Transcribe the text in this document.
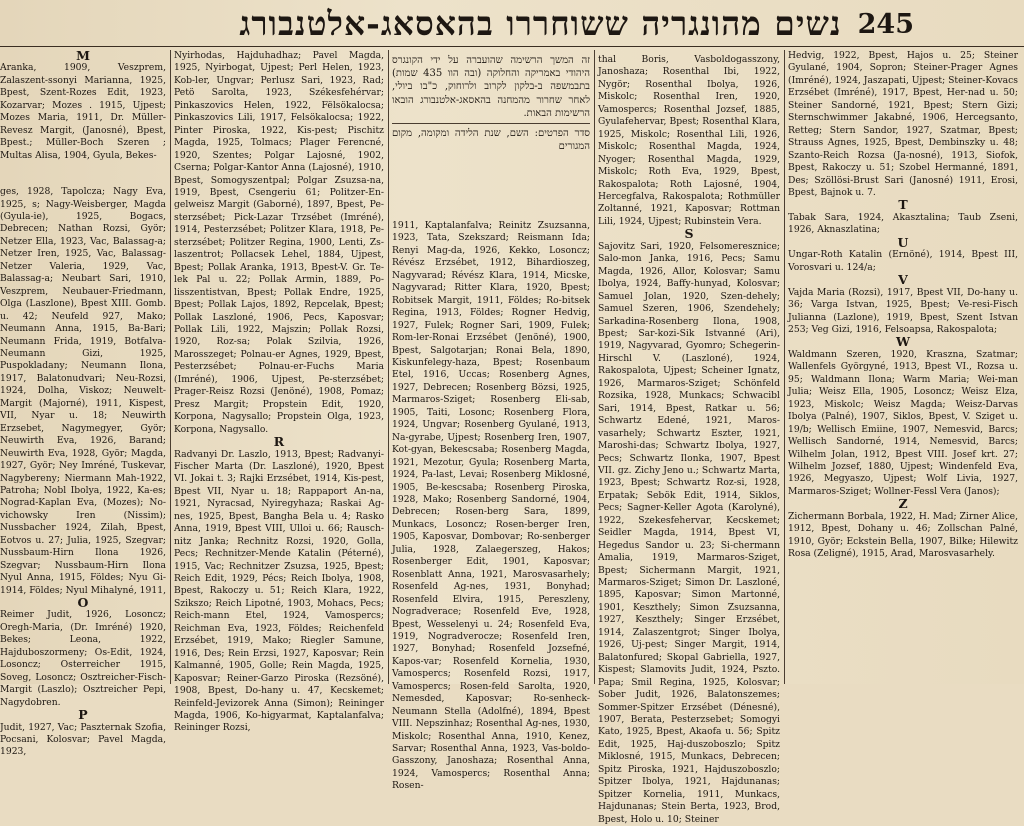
245
נשים מהונגריה ששוחררו בהאסאג-אלטנבורג

M

Aranka, 1909, Veszprem, Zalaszent-ssonyi Marianna, 1925, Bpest, Szent-Rozes Edit, 1923, Kozarvar; Mozes . 1915, Ujpest; Mozes Maria, 1911, Dr. Müller-Revesz Margit, (Janosné), Bpest, Bpest.; Müller-Boch Szeren ; Multas Alisa, 1904, Gyula, Bekes-

ges, 1928, Tapolcza; Nagy Eva, 1925, s; Nagy-Weisberger, Magda (Gyula-ie), 1925, Bogacs, Debrecen; Nathan Rozsi, Györ; Netzer Ella, 1923, Vac, Balassag-a; Netzer Iren, 1925, Vac, Balassag-Netzer Valeria, 1929, Vac, Balassag-a; Neubart Sari, 1910, Veszprem, Neubauer-Friedmann, Olga (Laszlone), Bpest XIII. Gomb. u. 42; Neufeld 927, Mako; Neumann Anna, 1915, Ba-Bari; Neumann Frida, 1919, Botfalva-Neumann Gizi, 1925, Puspokladany; Neumann Ilona, 1917, Balatonudvari; Neu-Rozsi, 1924, Dolha, Viskoz; Neuwelt-Margit (Majorné), 1911, Kispest, VII, Nyar u. 18; Neuwirth Erzsebet, Nagymegyer, Györ; Neuwirth Eva, 1926, Barand; Neuwirth Eva, 1928, Györ; Magda, 1927, Györ; Ney Imréné, Tuskevar, Nagybereny; Niermann Mah-1922, Patroha; Nobl Ibolya, 1922, Ka-es; Nograd-Kaplan Eva, (Mozes); No-vichowsky Iren (Nissim); Nussbacher 1924, Zilah, Bpest, Eotvos u. 27; Julia, 1925, Szegvar; Nussbaum-Hirn Ilona 1926, Szegvar; Nussbaum-Hirn Ilona Nyul Anna, 1915, Földes; Nyu Gi-1914, Földes; Nyul Mihalyné, 1911,

O

Reimer Judit, 1926, Losoncz; Oregh-Maria, (Dr. Imréné) 1920, Bekes; Leona, 1922, Hajduboszormeny; Os-Edit, 1924, Losoncz; Osterreicher 1915, Soveg, Losoncz; Osztreicher-Fisch-Margit (Laszlo); Osztreicher Pepi, Nagydobren.

P

Judit, 1927, Vac; Paszternak Szofia, Pocsani, Kolosvar; Pavel Magda, 1923,

Nyirhodas, Hajduhadhaz; Pavel Magda, 1925, Nyirbogat, Ujpest; Perl Helen, 1923, Kob-ler, Ungvar; Perlusz Sari, 1923, Rad; Petö Sarolta, 1923, Székesfehérvar; Pinkaszovics Helen, 1922, Fëlsökalocsa; Pinkaszovics Lili, 1917, Felsökalocsa; 1922, Pinter Piroska, 1922, Kis-pest; Pischitz Magda, 1925, Tolmacs; Plager Ferencné, 1920, Szentes; Polgar Lajosné, 1902, Cserna; Polgar-Kantor Anna (Lajosné), 1910, Bpest, Somogyszentpal; Polgar Zsuzsa-na, 1919, Bpest, Csengeriu 61; Politzer-En-gelweisz Margit (Gaborné), 1897, Bpest, Pe-sterzsébet; Pick-Lazar Trzsébet (Imréné), 1914, Pesterzsébet; Politzer Klara, 1918, Pe-sterzsébet; Politzer Regina, 1900, Lenti, Zs-laszentrot; Pollacsek Lehel, 1884, Ujpest, Bpest; Pollak Aranka, 1913, Bpest-V. Gr. Te-lek Pal u. 22; Pollak Armin, 1889, Po-lisszentistvan, Bpest; Pollak Endre, 1925, Bpest; Pollak Lajos, 1892, Repcelak, Bpest; Pollak Laszloné, 1906, Pecs, Kaposvar; Pollak Lili, 1922, Majszin; Pollak Rozsi, 1920, Roz-sa; Polak Szilvia, 1926, Marosszeget; Polnau-er Agnes, 1929, Bpest, Pesterzsébet; Polnau-er-Fuchs Maria (Imréné), 1906, Ujpest, Pe-sterzsébet; Prager-Reisz Rozsi (Jenöné), 1908, Pomaz; Presz Margit; Propstein Edit, 1920, Korpona, Nagysallo; Propstein Olga, 1923, Korpona, Nagysallo.

R

Radvanyi Dr. Laszlo, 1913, Bpest; Radvanyi-Fischer Marta (Dr. Laszloné), 1920, Bpest VI. Jokai t. 3; Rajki Erzsébet, 1914, Kis-pest, Bpest VII, Nyar u. 18; Rappaport An-na, 1921, Nyracsad, Nyiregyhaza; Raskai Ag-nes, 1925, Bpest, Bangha Bela u. 4; Rasko Anna, 1919, Bpest VIII, Ulloi u. 66; Rausch-nitz Janka; Rechnitz Rozsi, 1920, Golla, Pecs; Rechnitzer-Mende Katalin (Péterné), 1915, Vac; Rechnitzer Zsuzsa, 1925, Bpest; Reich Edit, 1929, Pécs; Reich Ibolya, 1908, Bpest, Rakoczy u. 51; Reich Klara, 1922, Szikszo; Reich Lipotné, 1903, Mohacs, Pecs; Reich-mann Etel, 1924, Vamospercs; Reichman Eva, 1923, Földes; Reichenfeld Erzsébet, 1919, Mako; Riegler Samune, 1916, Des; Rein Erzsi, 1927, Kaposvar; Rein Kalmanné, 1905, Golle; Rein Magda, 1925, Kaposvar; Reiner-Garzo Piroska (Rezsöné), 1908, Bpest, Do-hany u. 47, Kecskemet; Reinfeld-Jevizorek Anna (Simon); Reininger Magda, 1906, Ko-higyarmat, Kaptalanfalva; Reininger Rozsi,

1911, Kaptalanfalva; Reinitz Zsuzsanna, 1923, Tata, Szekszard; Reismann Ida; Renyi Mag-da, 1926, Kekko, Losoncz; Révész Erzsébet, 1912, Bihardioszeg, Nagyvarad; Révész Klara, 1914, Micske, Nagyvarad; Ritter Klara, 1920, Bpest; Robitsek Margit, 1911, Földes; Ro-bitsek Regina, 1913, Földes; Rogner Hedvig, 1927, Fulek; Rogner Sari, 1909, Fulek; Rom-ler-Ronai Erzsébet (Jenöné), 1900, Bpest, Salgotarjan; Ronai Bela, 1890, Kiskunfelegy-haza, Bpest; Rosenbaum Etel, 1916, Uccas; Rosenberg Agnes, 1927, Debrecen; Rosenberg Bözsi, 1925, Marmaros-Sziget; Rosenberg Eli-sab, 1905, Taiti, Losonc; Rosenberg Flora, 1924, Ungvar; Rosenberg Gyulané, 1913, Na-gyrabe, Ujpest; Rosenberg Iren, 1907, Kot-gyan, Bekescsaba; Rosenberg Magda, 1921, Mezotur, Gyula; Rosenberg Marta, 1924, Pa-last, Levai; Rosenberg Miklosné, 1905, Be-kescsaba; Rosenberg Piroska, 1928, Mako; Rosenberg Sandorné, 1904, Debrecen; Rosen-berg Sara, 1899, Munkacs, Losoncz; Rosen-berger Iren, 1905, Kaposvar, Dombovar; Ro-senberger Julia, 1928, Zalaegerszeg, Hakos; Rosenberger Edit, 1901, Kaposvar; Rosenblatt Anna, 1921, Marosvasarhely; Rosenfeld Ag-nes, 1931, Bonyhad; Rosenfeld Elvira, 1915, Pereszleny, Nogradverace; Rosenfeld Eve, 1928, Bpest, Wesselenyi u. 24; Rosenfeld Eva, 1919, Nogradverocze; Rosenfeld Iren, 1927, Bonyhad; Rosenfeld Jozsefné, Kapos-var; Rosenfeld Kornelia, 1930, Vamospercs; Rosenfeld Rozsi, 1917, Vamospercs; Rosen-feld Sarolta, 1920, Nemesded, Kaposvar; Ro-senheck-Neumann Stella (Adolfné), 1894, Bpest VIII. Nepszinhaz; Rosenthal Ag-nes, 1930, Miskolc; Rosenthal Anna, 1910, Kenez, Sarvar; Rosenthal Anna, 1923, Vas-boldo-Gasszony, Janoshaza; Rosenthal Anna, 1924, Vamospercs; Rosenthal Anna; Rosen-

זה המשך הרשימה שהועברה על ידי הקונגרס היהודי באמריקה והחלוקה (ובה הוו 435 שמות) בתבמשפה ב-בלקון לקרוב ולרוחוק, כ"בו ביולי, לאחר שחרור מהמחנה בהאסאג-אלטנבורג הובאו הרשימות הבאות.

סדר הפרטים: השם, שנת הלידה ומקומה, מקום המגורים

thal Boris, Vasboldogasszony, Janoshaza; Rosenthal Ibi, 1922, Nygör; Rosenthal Ibolya, 1926, Miskolc; Rosenthal Iren, 1920, Vamospercs; Rosenthal Jozsef, 1885, Gyulafehervar, Bpest; Rosenthal Klara, 1925, Miskolc; Rosenthal Lili, 1926, Miskolc; Rosenthal Magda, 1924, Nyoger; Rosenthal Magda, 1929, Miskolc; Roth Eva, 1929, Bpest, Rakospalota; Roth Lajosné, 1904, Hercegfalva, Rakospalota; Rothmüller Zoltanné, 1921, Kaposvar; Rottman Lili, 1924, Ujpest; Rubinstein Vera.

S

Sajovitz Sari, 1920, Felsomeresznice; Salo-mon Janka, 1916, Pecs; Samu Magda, 1926, Allor, Kolosvar; Samu Ibolya, 1924, Baffy-hunyad, Kolosvar; Samuel Jolan, 1920, Szen-dehely; Samuel Szeren, 1906, Szendehely; Sarkadina-Rosenberg Ilona, 1908, Bpest; Sar-kozi-Sik Istvanné (Ari), 1919, Nagyvarad, Gyomro; Schegerin-Hirschl V. (Laszloné), 1924, Rakospalota, Ujpest; Scheiner Ignatz, 1926, Marmaros-Sziget; Schönfeld Rozsika, 1928, Munkacs; Schwacibl Sari, 1914, Bpest, Ratkar u. 56; Schwartz Edené, 1921, Maros-vasarhely; Schwartz Eszter, 1921, Maroshi-das; Schwartz Ibolya, 1927, Pecs; Schwartz Ilonka, 1907, Bpest VII. gz. Zichy Jeno u.; Schwartz Marta, 1923, Bpest; Schwartz Roz-si, 1928, Erpatak; Sebök Edit, 1914, Siklos, Pecs; Sagner-Keller Agota (Karolyné), 1922, Szekesfehervar, Kecskemet; Seidler Magda, 1914, Bpest VI, Hegedus Sandor u. 23; Si-chermann Amalia, 1919, Marmaros-Sziget, Bpest; Sichermann Margit, 1921, Marmaros-Sziget; Simon Dr. Laszloné, 1895, Kaposvar; Simon Martonné, 1901, Keszthely; Simon Zsuzsanna, 1927, Keszthely; Singer Erzsébet, 1914, Zalaszentgrot; Singer Ibolya, 1926, Uj-pest; Singer Margit, 1914, Balatonfured; Skopal Gabriella, 1927, Kispest; Slamovits Judit, 1924, Pszto. Papa; Smil Regina, 1925, Kolosvar; Sober Judit, 1926, Balatonszemes; Sommer-Spitzer Erzsébet (Dénesné), 1907, Berata, Pesterzsebet; Somogyi Kato, 1925, Bpest, Akaofa u. 56; Spitz Edit, 1925, Haj-duszoboszlo; Spitz Miklosné, 1915, Munkacs, Debrecen; Spitz Piroska, 1921, Hajduszoboszlo; Spitzer Ibolya, 1921, Hajdunanas; Spitzer Kornelia, 1911, Munkacs, Hajdunanas; Stein Berta, 1923, Brod, Bpest, Holo u. 10; Steiner

Hedvig, 1922, Bpest, Hajos u. 25; Steiner Gyulané, 1904, Sopron; Steiner-Prager Agnes (Imréné), 1924, Jaszapati, Ujpest; Steiner-Kovacs Erzsébet (Imréné), 1917, Bpest, Her-nad u. 50; Steiner Sandorné, 1921, Bpest; Stern Gizi; Sternschwimmer Jakabné, 1906, Hercegsanto, Retteg; Stern Sandor, 1927, Szatmar, Bpest; Strauss Agnes, 1925, Bpest, Dembinszky u. 48; Szanto-Reich Rozsa (Ja-nosné), 1913, Siofok, Bpest, Rakoczy u. 51; Szobel Hermanné, 1891, Des; Szöllösi-Brust Sari (Janosné) 1911, Erosi, Bpest, Bajnok u. 7.

T

Tabak Sara, 1924, Akasztalina; Taub Zseni, 1926, Aknaszlatina;

U

Ungar-Roth Katalin (Ernöné), 1914, Bpest III, Vorosvari u. 124/a;

V

Vajda Maria (Rozsi), 1917, Bpest VII, Do-hany u. 36; Varga Istvan, 1925, Bpest; Ve-resi-Fisch Julianna (Lazlone), 1919, Bpest, Szent Istvan 253; Veg Gizi, 1916, Felsoapsa, Rakospalota;

W

Waldmann Szeren, 1920, Kraszna, Szatmar; Wallenfels Györgyné, 1913, Bpest VI., Rozsa u. 95; Waldmann Ilona; Warm Maria; Wei-man Julia; Weisz Ella, 1905, Losoncz; Weisz Elza, 1923, Miskolc; Weisz Magda; Weisz-Darvas Ibolya (Palné), 1907, Siklos, Bpest, V. Sziget u. 19/b; Wellisch Emiine, 1907, Nemesvid, Barcs; Wellisch Sandorné, 1914, Nemesvid, Barcs; Wilhelm Jolan, 1912, Bpest VIII. Josef krt. 27; Wilhelm Jozsef, 1880, Ujpest; Windenfeld Eva, 1926, Megyaszo, Ujpest; Wolf Livia, 1927, Marmaros-Sziget; Wollner-Fessl Vera (Janos);

Z

Zichermann Borbala, 1922, H. Mad; Zirner Alice, 1912, Bpest, Dohany u. 46; Zollschan Palné, 1910, Györ; Eckstein Bella, 1907, Bilke; Hilewitz Rosa (Zeligné), 1915, Arad, Marosvasarhely.
